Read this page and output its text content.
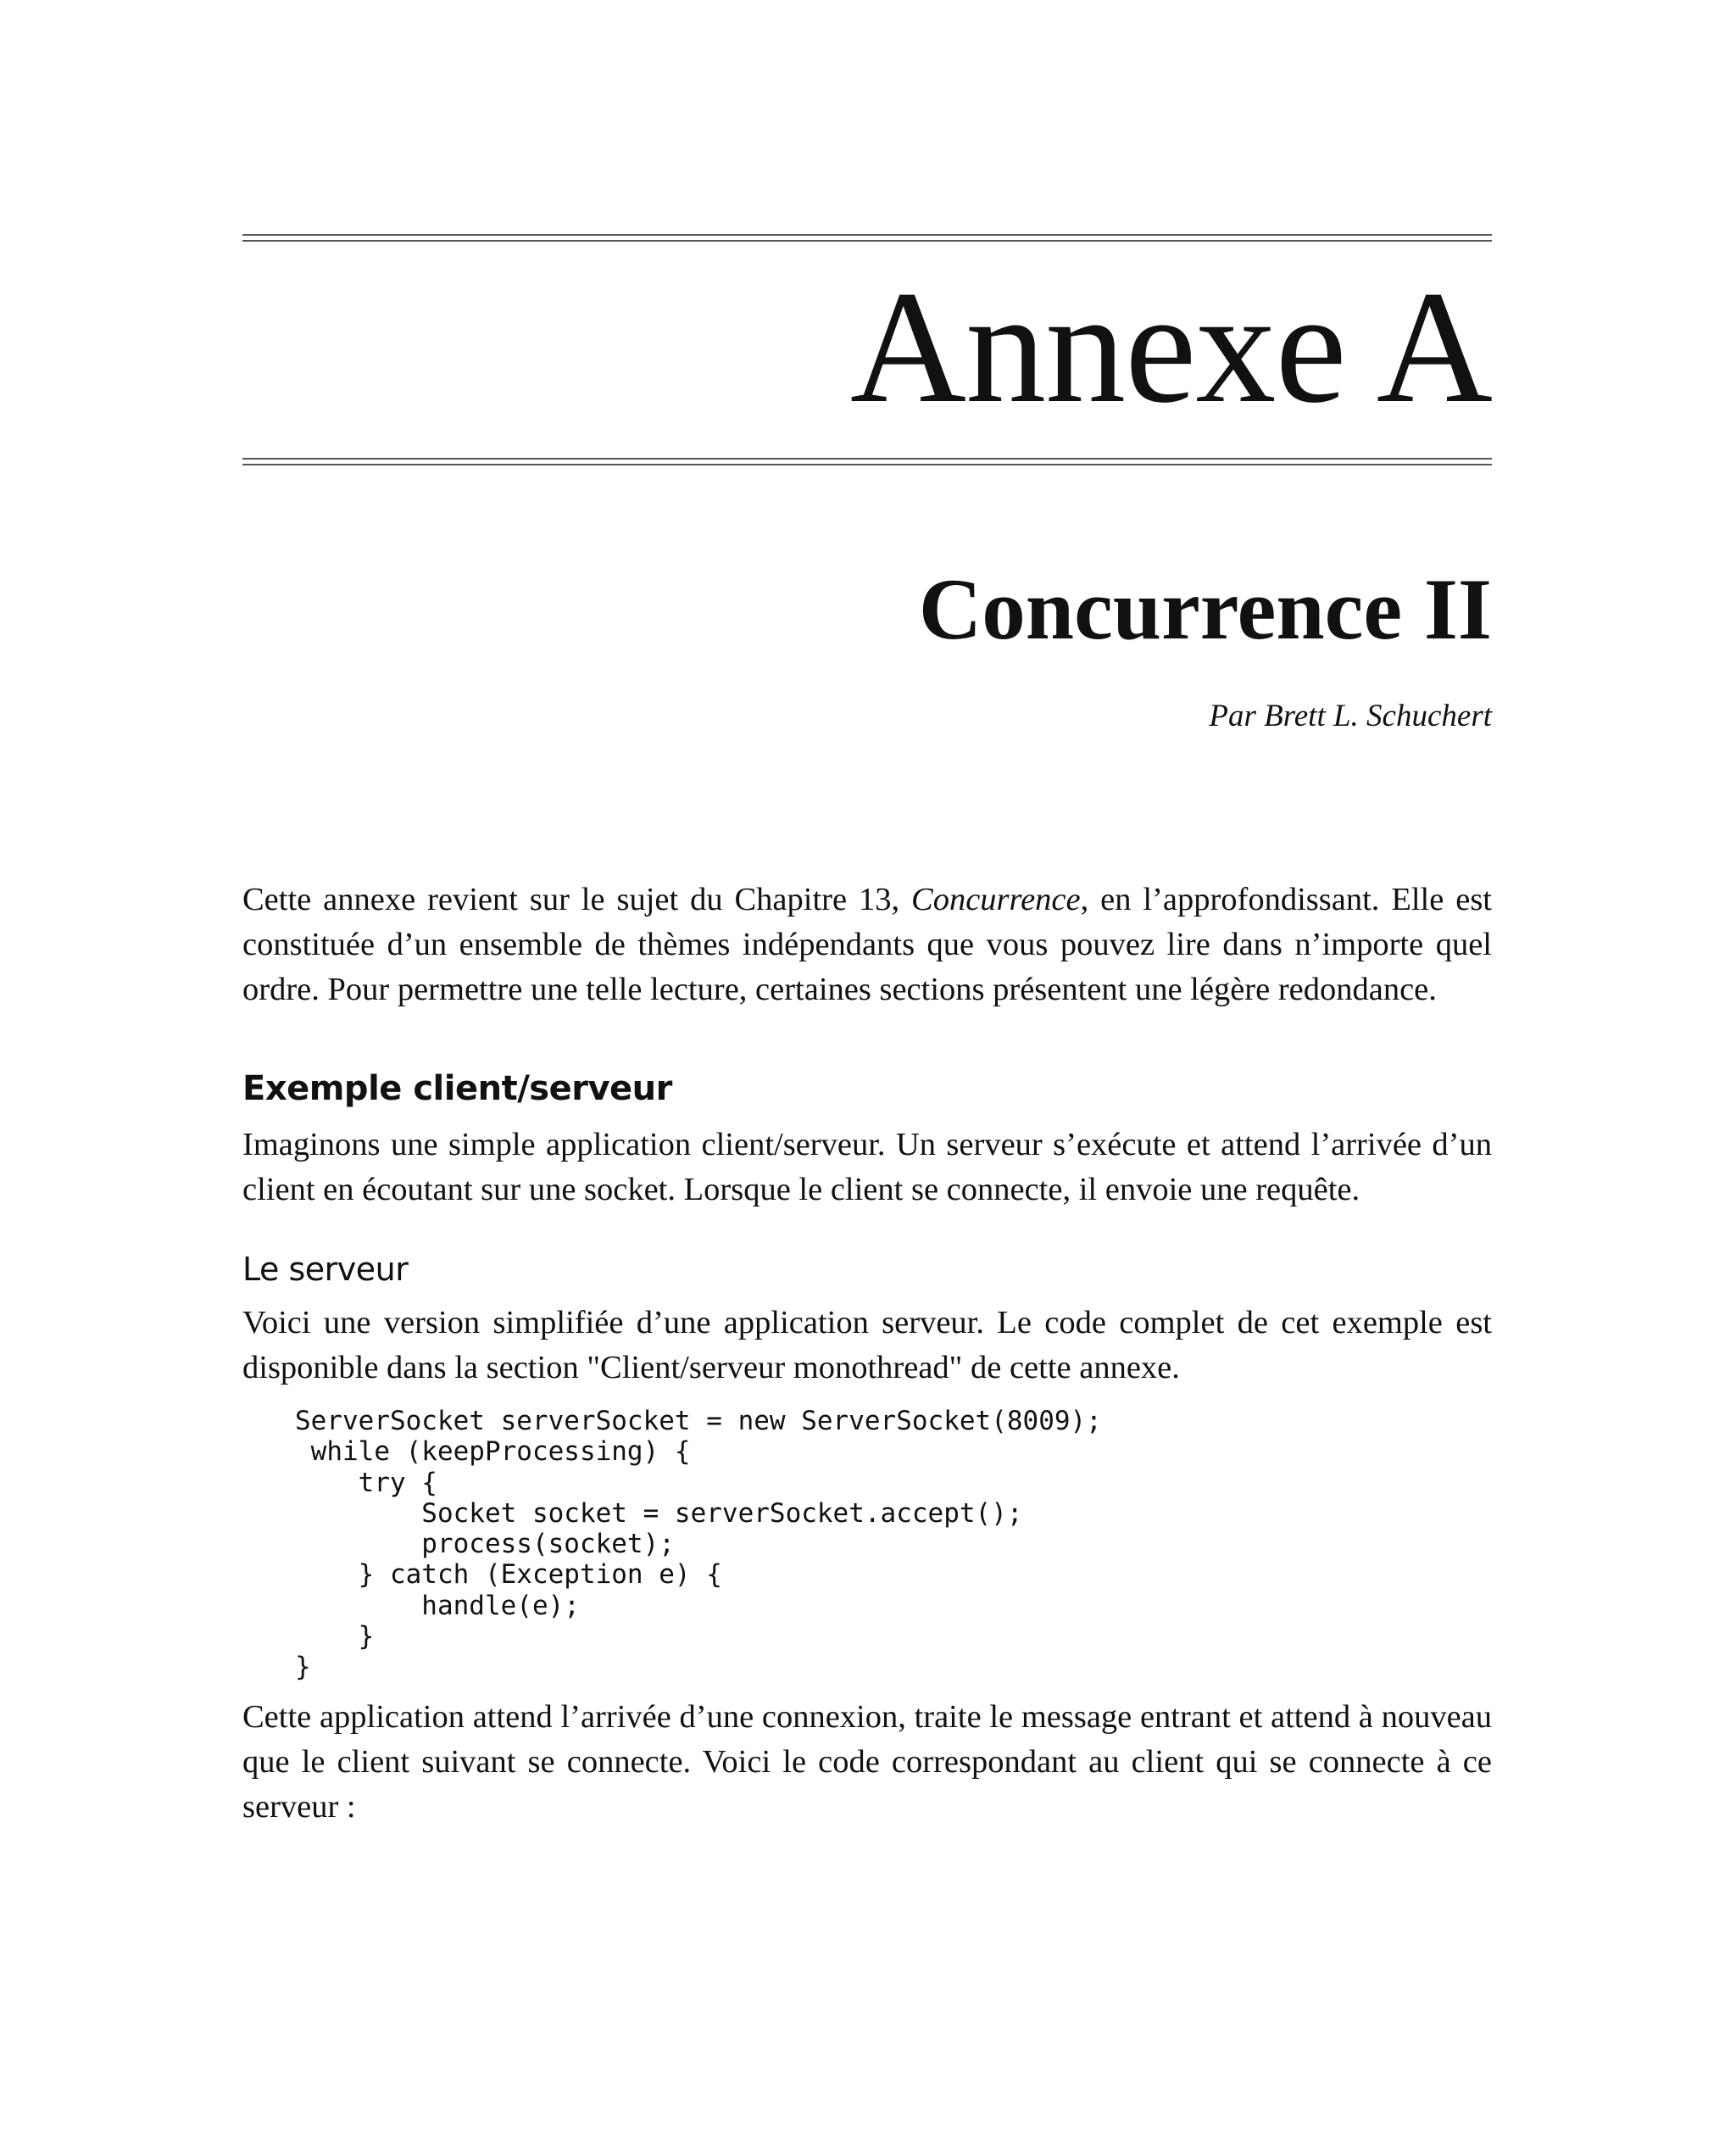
Annexe A
Concurrence II

Par Brett L. Schuchert

Cette annexe revient sur le sujet du Chapitre 13, Concurrence, en l’approfondissant. Elle est constituée d’un ensemble de thèmes indépendants que vous pouvez lire dans n’importe quel ordre. Pour permettre une telle lecture, certaines sections présentent une légère redondance.

Exemple client/serveur

Imaginons une simple application client/serveur. Un serveur s’exécute et attend l’arrivée d’un client en écoutant sur une socket. Lorsque le client se connecte, il envoie une requête.

Le serveur

Voici une version simplifiée d’une application serveur. Le code complet de cet exemple est disponible dans la section "Client/serveur monothread" de cette annexe.

ServerSocket serverSocket = new ServerSocket(8009);
while (keepProcessing) {
try {
Socket socket = serverSocket.accept();
process(socket);
} catch (Exception e) {
handle(e);
}
}

Cette application attend l’arrivée d’une connexion, traite le message entrant et attend à nouveau que le client suivant se connecte. Voici le code correspondant au client qui se connecte à ce serveur :
